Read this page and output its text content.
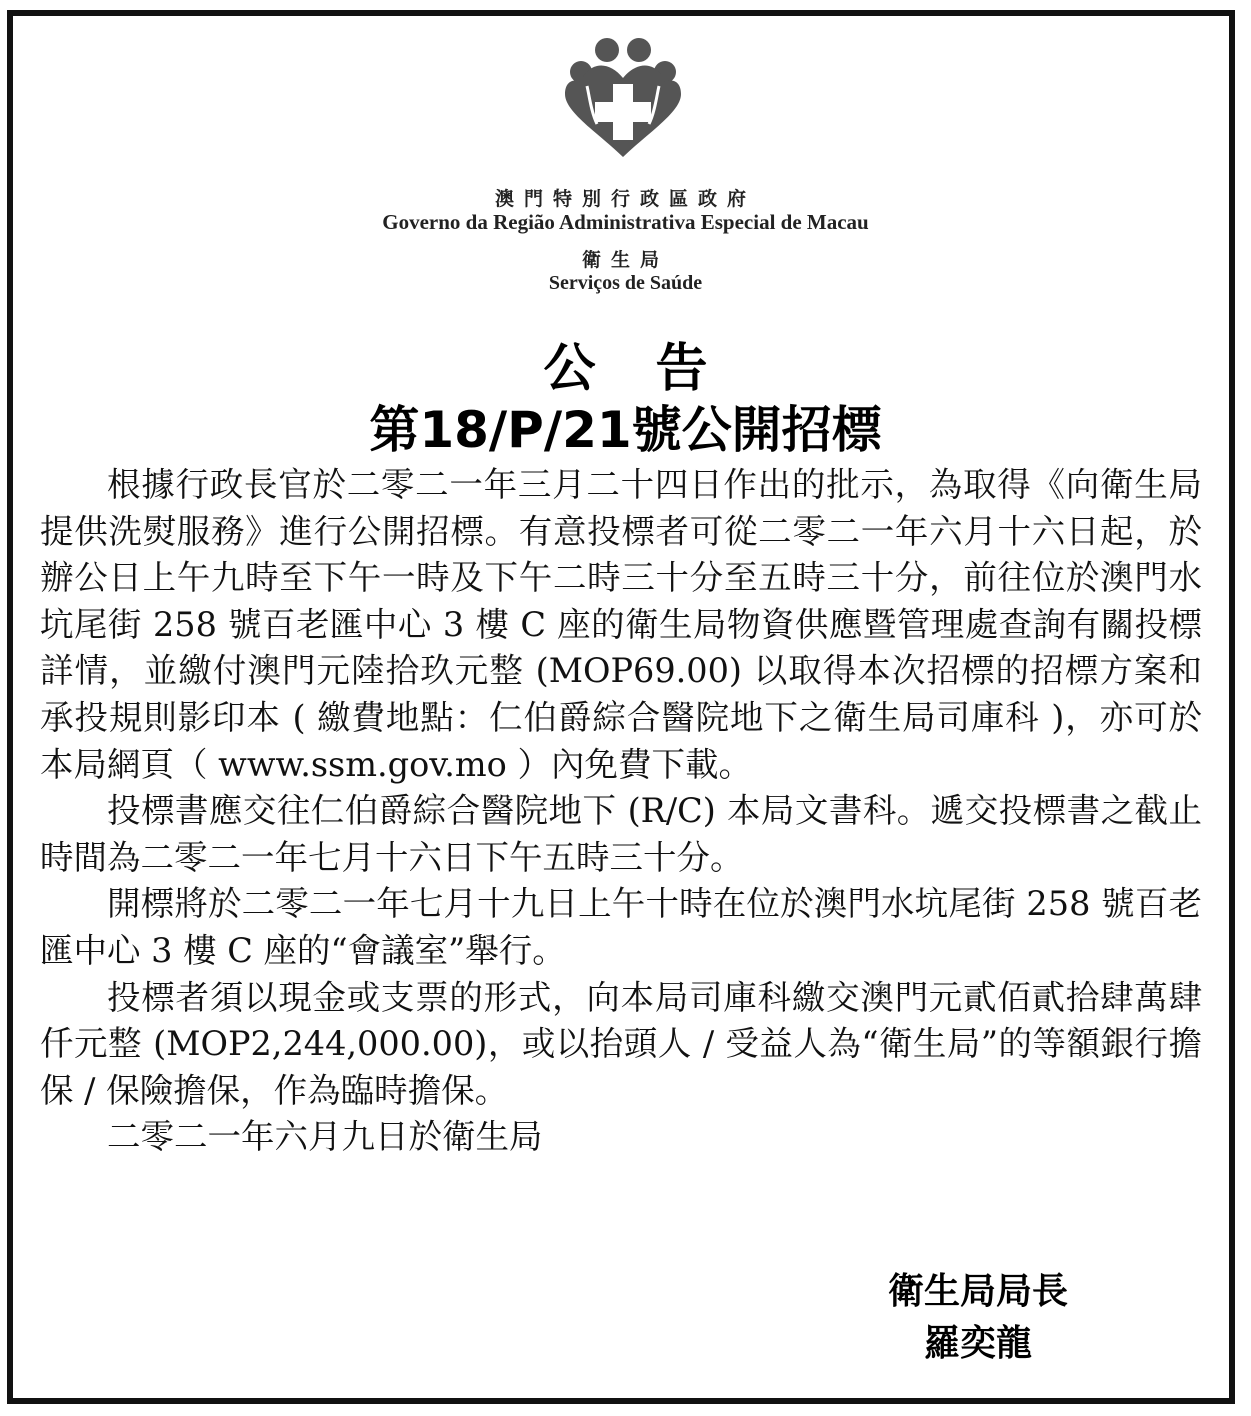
澳門特別行政區政府
Governo da Região Administrativa Especial de Macau
衛生局
Serviços de Saúde
公告
第18/P/21號公開招標

根據行政長官於二零二一年三月二十四日作出的批示，為取得《向衛生局提供洗熨服務》進行公開招標。有意投標者可從二零二一年六月十六日起，於辦公日上午九時至下午一時及下午二時三十分至五時三十分，前往位於澳門水坑尾街 258 號百老匯中心 3 樓 C 座的衛生局物資供應暨管理處查詢有關投標詳情，並繳付澳門元陸拾玖元整 (MOP69.00) 以取得本次招標的招標方案和承投規則影印本 ( 繳費地點：仁伯爵綜合醫院地下之衛生局司庫科 )，亦可於本局網頁（ www.ssm.gov.mo ）內免費下載。

投標書應交往仁伯爵綜合醫院地下 (R/C) 本局文書科。遞交投標書之截止時間為二零二一年七月十六日下午五時三十分。

開標將於二零二一年七月十九日上午十時在位於澳門水坑尾街 258 號百老匯中心 3 樓 C 座的“會議室”舉行。

投標者須以現金或支票的形式，向本局司庫科繳交澳門元貳佰貳拾肆萬肆仟元整 (MOP2,244,000.00)，或以抬頭人 / 受益人為“衛生局”的等額銀行擔保 / 保險擔保，作為臨時擔保。

二零二一年六月九日於衛生局

衛生局局長
羅奕龍
